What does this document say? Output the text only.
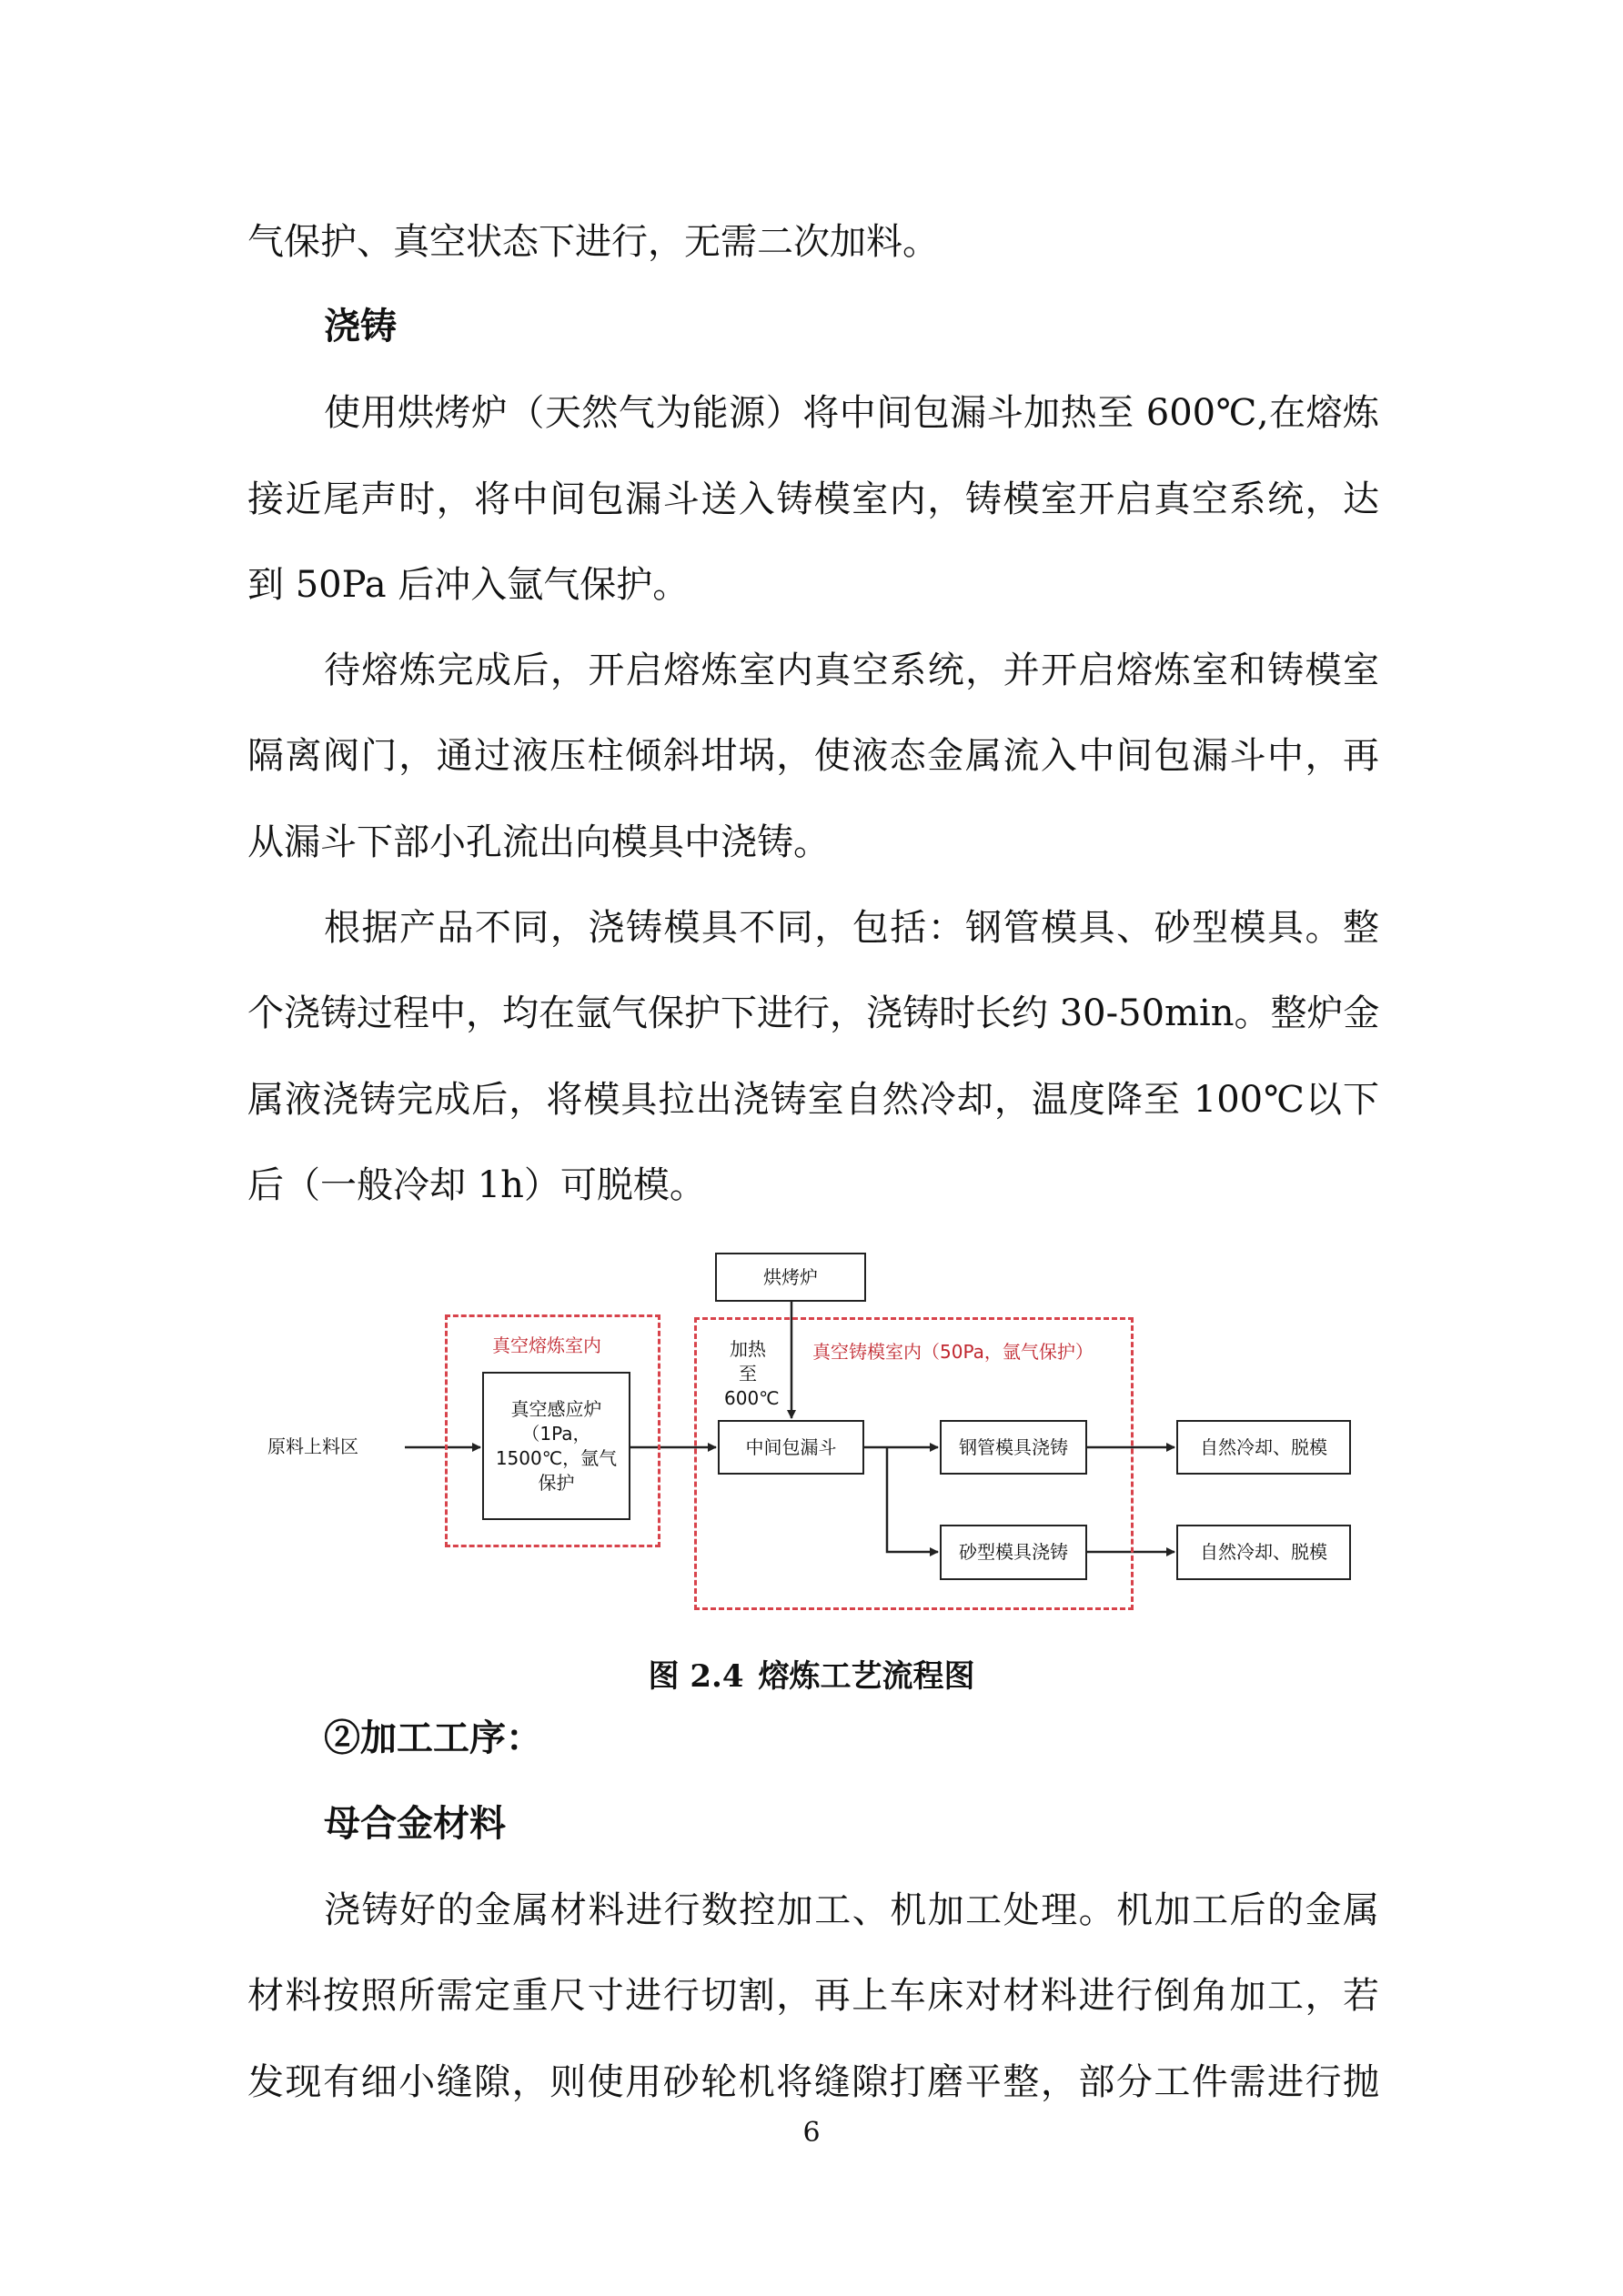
气保护、真空状态下进行，无需二次加料。
浇铸
使用烘烤炉（天然气为能源）将中间包漏斗加热至 600℃,在熔炼
接近尾声时，将中间包漏斗送入铸模室内，铸模室开启真空系统，达
到 50Pa 后冲入氩气保护。
待熔炼完成后，开启熔炼室内真空系统，并开启熔炼室和铸模室
隔离阀门，通过液压柱倾斜坩埚，使液态金属流入中间包漏斗中，再
从漏斗下部小孔流出向模具中浇铸。
根据产品不同，浇铸模具不同，包括：钢管模具、砂型模具。整
个浇铸过程中，均在氩气保护下进行，浇铸时长约 30-50min。整炉金
属液浇铸完成后，将模具拉出浇铸室自然冷却，温度降至 100℃以下
后（一般冷却 1h）可脱模。
真空熔炼室内	真空铸模室内（50Pa，氩气保护）
原料上料区
真空感应炉
（1Pa，
1500℃，氩气
保护
烘烤炉
加热
至
600℃
中间包漏斗	钢管模具浇铸
砂型模具浇铸
自然冷却、脱模
自然冷却、脱模
图 2.4 熔炼工艺流程图
②加工工序：
母合金材料
浇铸好的金属材料进行数控加工、机加工处理。机加工后的金属
材料按照所需定重尺寸进行切割，再上车床对材料进行倒角加工，若
发现有细小缝隙，则使用砂轮机将缝隙打磨平整，部分工件需进行抛
6
